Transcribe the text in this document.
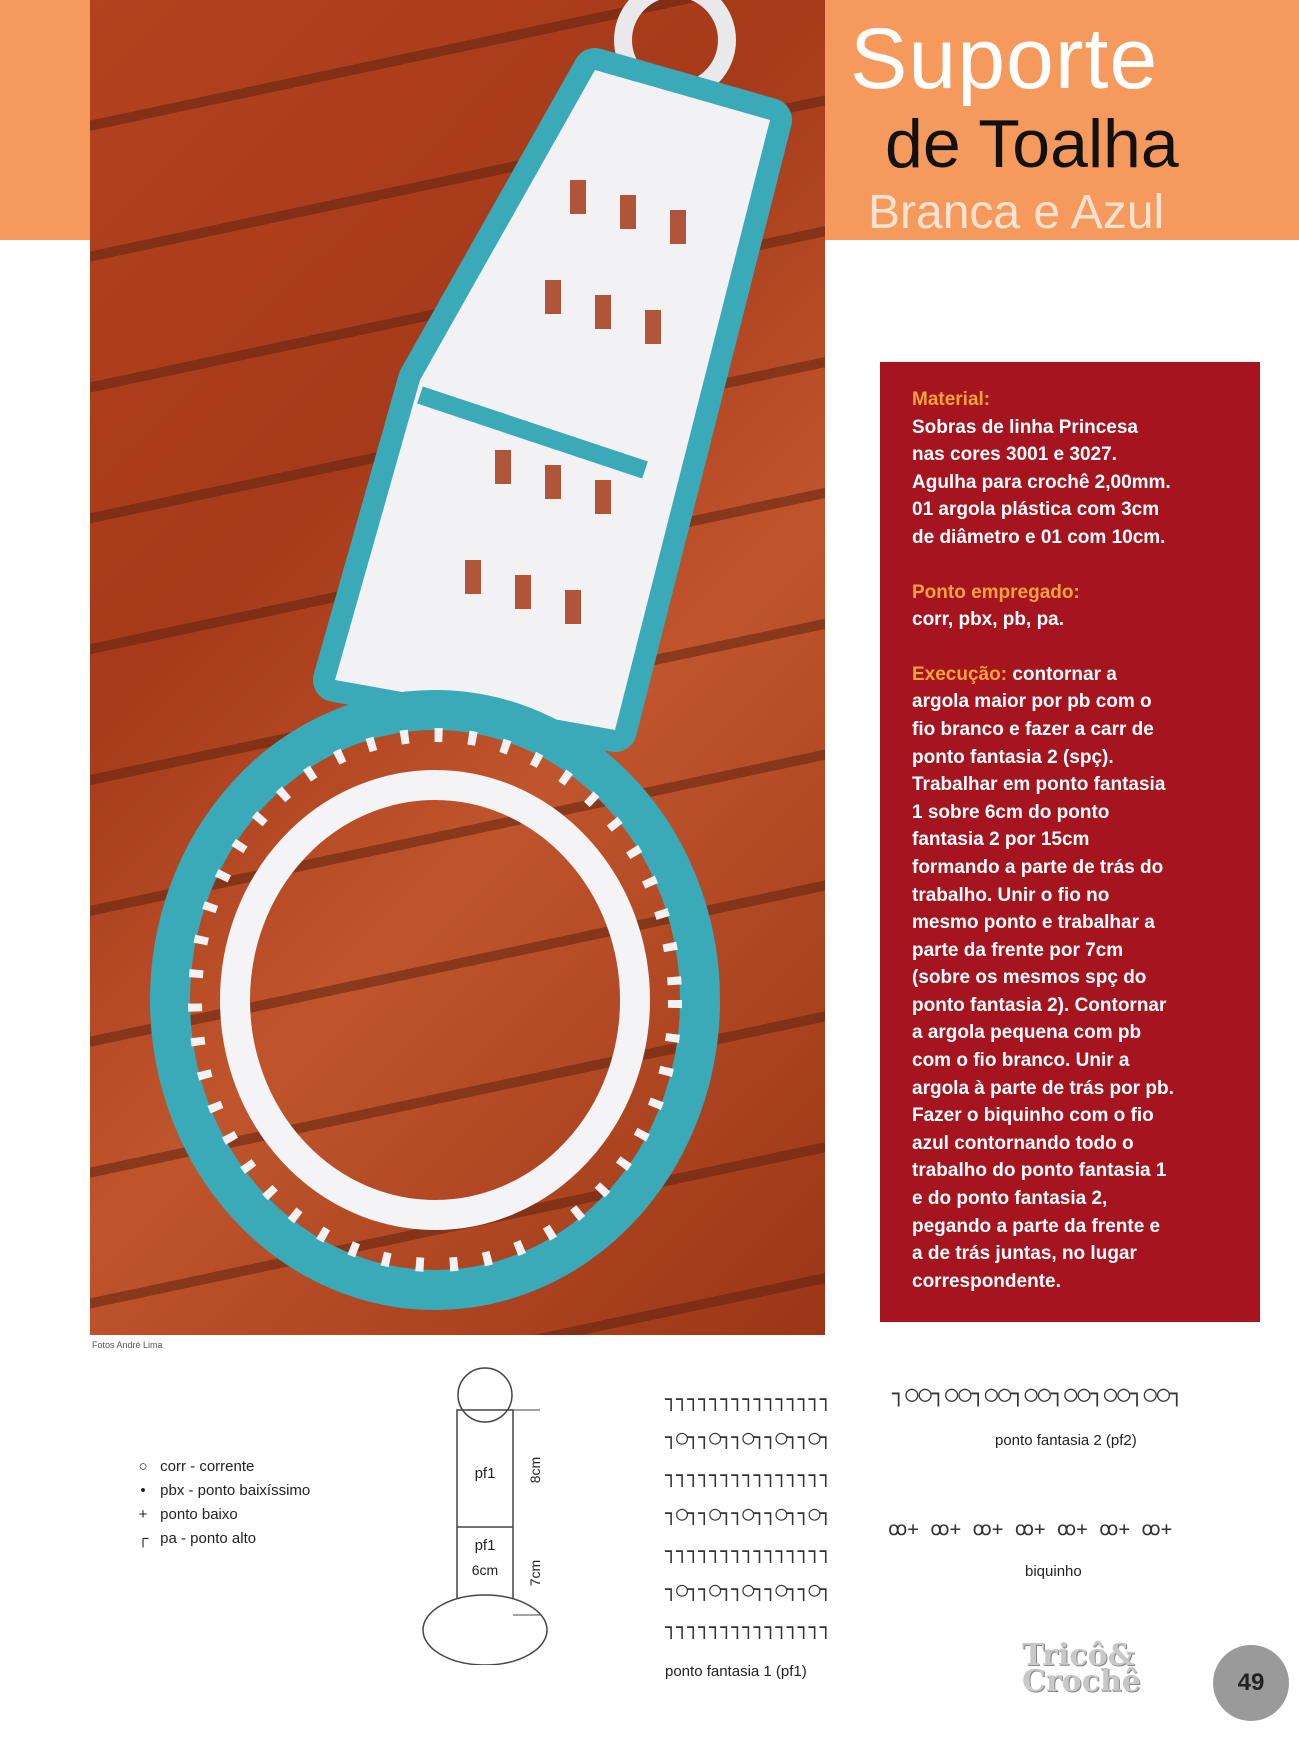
Fotos André Lima
Suporte
de Toalha
Branca e Azul

Material:
Sobras de linha Princesa
nas cores 3001 e 3027.
Agulha para crochê 2,00mm.
01 argola plástica com 3cm
de diâmetro e 01 com 10cm.

Ponto empregado:
corr, pbx, pb, pa.

Execução: contornar a
argola maior por pb com o
fio branco e fazer a carr de
ponto fantasia 2 (spç).
Trabalhar em ponto fantasia
1 sobre 6cm do ponto
fantasia 2 por 15cm
formando a parte de trás do
trabalho. Unir o fio no
mesmo ponto e trabalhar a
parte da frente por 7cm
(sobre os mesmos spç do
ponto fantasia 2). Contornar
a argola pequena com pb
com o fio branco. Unir a
argola à parte de trás por pb.
Fazer o biquinho com o fio
azul contornando todo o
trabalho do ponto fantasia 1
e do ponto fantasia 2,
pegando a parte da frente e
a de trás juntas, no lugar
correspondente.

○ corr - corrente
• pbx - ponto baixíssimo
+ ponto baixo
┌ pa - ponto alto
pf1 8cm
pf1
6cm 7cm
┐┐┐┐┐┐┐┐┐┐┐┐┐┐┐
┐○┐┐○┐┐○┐┐○┐┐○┐
┐┐┐┐┐┐┐┐┐┐┐┐┐┐┐
┐○┐┐○┐┐○┐┐○┐┐○┐
┐┐┐┐┐┐┐┐┐┐┐┐┐┐┐
┐○┐┐○┐┐○┐┐○┐┐○┐
┐┐┐┐┐┐┐┐┐┐┐┐┐┐┐
ponto fantasia 1 (pf1)
┐○○┐○○┐○○┐○○┐○○┐○○┐○○┐
ponto fantasia 2 (pf2)
ꝏ+ ꝏ+ ꝏ+ ꝏ+ ꝏ+ ꝏ+ ꝏ+
biquinho
Tricô&
Crochê	49
